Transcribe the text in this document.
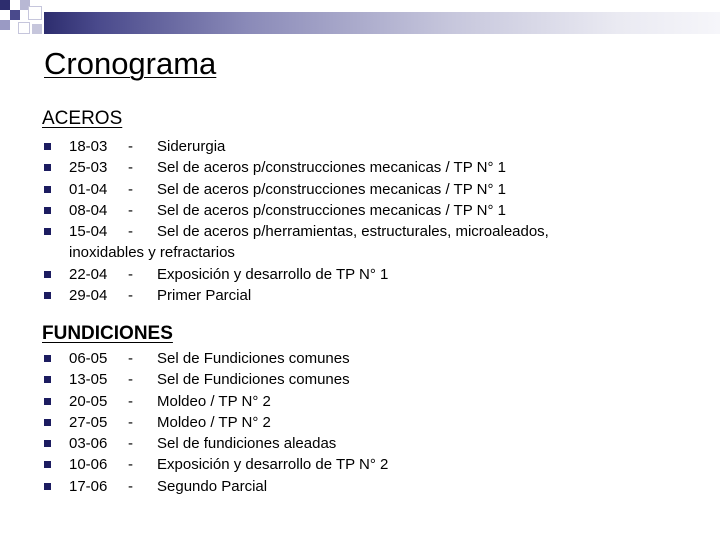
Cronograma
ACEROS
18-03 - Siderurgia
25-03 - Sel de aceros p/construcciones mecanicas / TP N° 1
01-04 - Sel de aceros p/construcciones mecanicas / TP N° 1
08-04 - Sel de aceros p/construcciones mecanicas / TP N° 1
15-04 - Sel de aceros p/herramientas, estructurales, microaleados,
inoxidables y refractarios
22-04 - Exposición y desarrollo de TP N° 1
29-04 - Primer Parcial
FUNDICIONES
06-05 - Sel de Fundiciones comunes
13-05 - Sel de Fundiciones comunes
20-05 - Moldeo / TP N° 2
27-05 - Moldeo / TP N° 2
03-06 - Sel de fundiciones aleadas
10-06 - Exposición y desarrollo de TP N° 2
17-06 - Segundo Parcial
